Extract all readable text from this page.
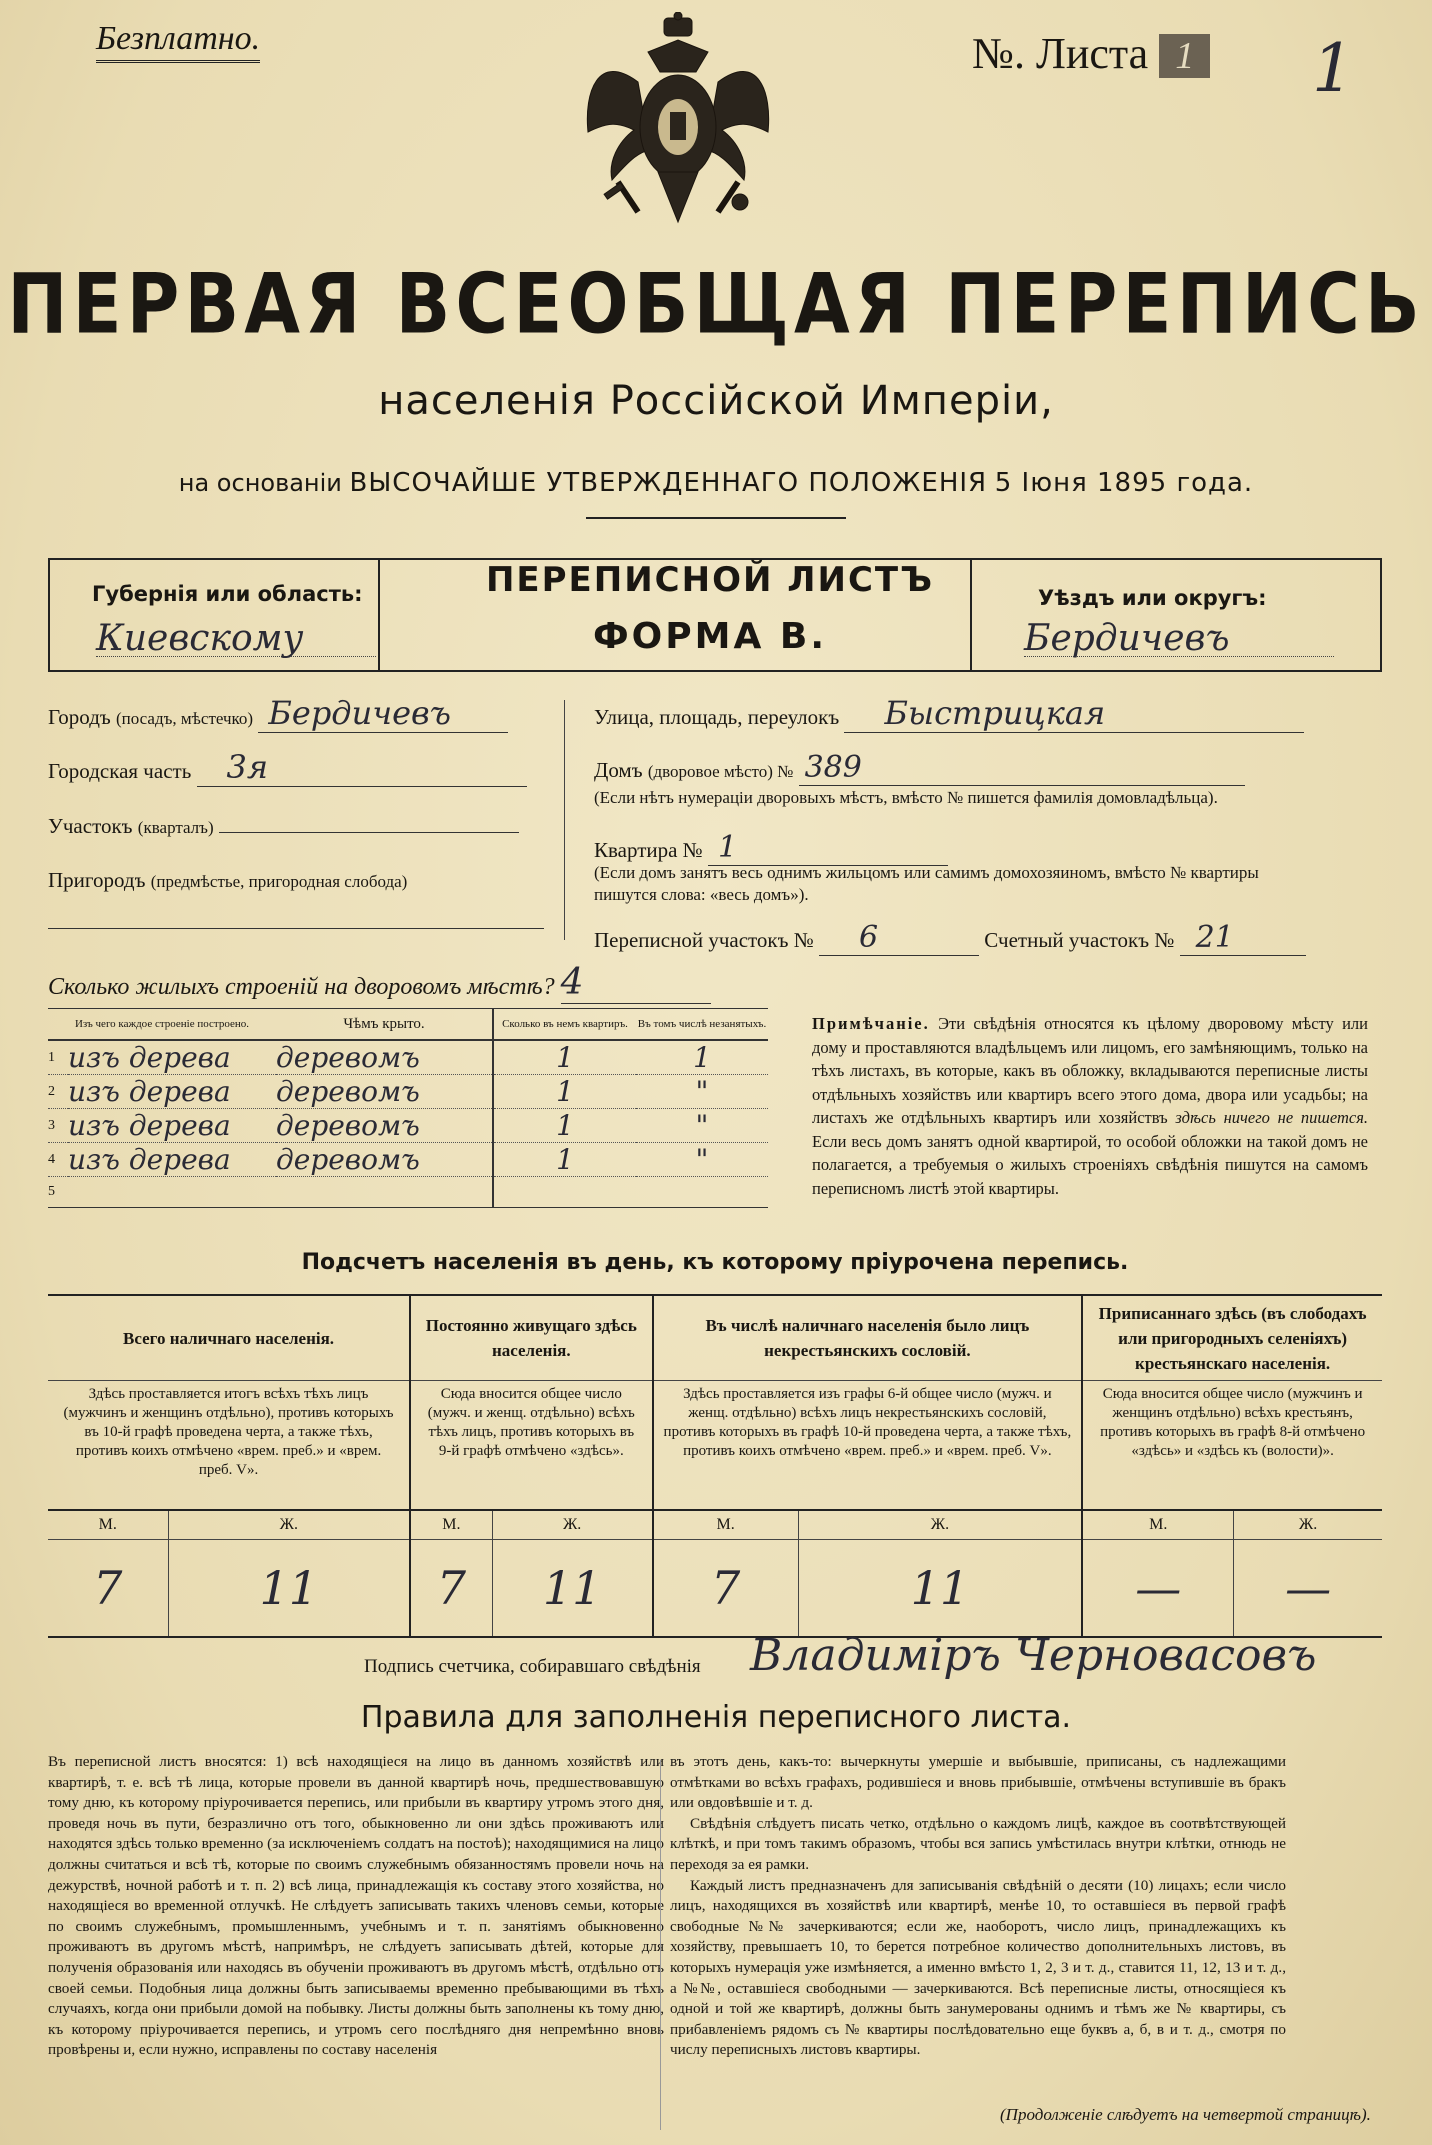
Безплатно.	№. Листа 1 1
ПЕРВАЯ ВСЕОБЩАЯ ПЕРЕПИСЬ
населенія Россійской Имперіи,
на основаніи ВЫСОЧАЙШЕ УТВЕРЖДЕННАГО ПОЛОЖЕНІЯ 5 Іюня 1895 года.
Губернія или область:
Киевскому
ПЕРЕПИСНОЙ ЛИСТЪ
ФОРМА В.
Уѣздъ или округъ:
Бердичевъ
Городъ (посадъ, мѣстечко) Бердичевъ
Городская часть 3я
Участокъ (кварталъ)
Пригородъ (предмѣстье, пригородная слобода)
Улица, площадь, переулокъ Быстрицкая
Домъ (дворовое мѣсто) № 389
(Если нѣтъ нумераціи дворовыхъ мѣстъ, вмѣсто № пишется фамилія домовладѣльца).
Квартира № 1
(Если домъ занятъ весь однимъ жильцомъ или самимъ домохозяиномъ, вмѣсто № квартиры пишутся слова: «весь домъ»).
Переписной участокъ № 6	Счетный участокъ № 21
Сколько жилыхъ строеній на дворовомъ мѣстѣ? 4
Изъ чего каждое строеніе построено.		Чѣмъ крыто.	Сколько въ немъ квартиръ.	Въ томъ числѣ незанятыхъ.
1	изъ дерева	деревомъ	1	1
2	изъ дерева	деревомъ	1	"
3	изъ дерева	деревомъ	1	"
4	изъ дерева	деревомъ	1	"
5				
Примѣчаніе. Эти свѣдѣнія относятся къ цѣлому дворовому мѣсту или дому и проставляются владѣльцемъ или лицомъ, его замѣняющимъ, только на тѣхъ листахъ, въ которые, какъ въ обложку, вкладываются переписные листы отдѣльныхъ хозяйствъ или квартиръ всего этого дома, двора или усадьбы; на листахъ же отдѣльныхъ квартиръ или хозяйствъ здѣсь ничего не пишется. Если весь домъ занятъ одной квартирой, то особой обложки на такой домъ не полагается, а требуемыя о жилыхъ строеніяхъ свѣдѣнія пишутся на самомъ переписномъ листѣ этой квартиры.
Подсчетъ населенія въ день, къ которому пріурочена перепись.
Всего наличнаго населенія.		Постоянно живущаго здѣсь населенія.		Въ числѣ наличнаго населенія было лицъ некрестьянскихъ сословій.		Приписаннаго здѣсь (въ слободахъ или пригородныхъ селеніяхъ) крестьянскаго населенія.	
Здѣсь проставляется итогъ всѣхъ тѣхъ лицъ (мужчинъ и женщинъ отдѣльно), противъ которыхъ въ 10-й графѣ проведена черта, а также тѣхъ, противъ коихъ отмѣчено «врем. преб.» и «врем. преб. V».		Сюда вносится общее число (мужч. и женщ. отдѣльно) всѣхъ тѣхъ лицъ, противъ которыхъ въ 9-й графѣ отмѣчено «здѣсь».		Здѣсь проставляется изъ графы 6-й общее число (мужч. и женщ. отдѣльно) всѣхъ лицъ некрестьянскихъ сословій, противъ которыхъ въ графѣ 10-й проведена черта, а также тѣхъ, противъ коихъ отмѣчено «врем. преб.» и «врем. преб. V».		Сюда вносится общее число (мужчинъ и женщинъ отдѣльно) всѣхъ крестьянъ, противъ которыхъ въ графѣ 8-й отмѣчено «здѣсь» и «здѣсь къ (волости)».	
М.	Ж.	М.	Ж.	М.	Ж.	М.	Ж.
7	11	7	11	7	11	—	—
Подпись счетчика, собиравшаго свѣдѣнія Владиміръ Черновасовъ
Правила для заполненія переписного листа.
Въ переписной листъ вносятся: 1) всѣ находящіеся на лицо въ данномъ хозяйствѣ или квартирѣ, т. е. всѣ тѣ лица, которые провели въ данной квартирѣ ночь, предшествовавшую тому дню, къ которому пріурочивается перепись, или прибыли въ квартиру утромъ этого дня, проведя ночь въ пути, безразлично отъ того, обыкновенно ли они здѣсь проживаютъ или находятся здѣсь только временно (за исключеніемъ солдатъ на постоѣ); находящимися на лицо должны считаться и всѣ тѣ, которые по своимъ служебнымъ обязанностямъ провели ночь на дежурствѣ, ночной работѣ и т. п. 2) всѣ лица, принадлежащія къ составу этого хозяйства, но находящіеся во временной отлучкѣ. Не слѣдуетъ записывать такихъ членовъ семьи, которые по своимъ служебнымъ, промышленнымъ, учебнымъ и т. п. занятіямъ обыкновенно проживаютъ въ другомъ мѣстѣ, напримѣръ, не слѣдуетъ записывать дѣтей, которые для полученія образованія или находясь въ обученіи проживаютъ въ другомъ мѣстѣ, отдѣльно отъ своей семьи. Подобныя лица должны быть записываемы временно пребывающими въ тѣхъ случаяхъ, когда они прибыли домой на побывку. Листы должны быть заполнены къ тому дню, къ которому пріурочивается перепись, и утромъ сего послѣдняго дня непремѣнно вновь провѣрены и, если нужно, исправлены по составу населенія

въ этотъ день, какъ-то: вычеркнуты умершіе и выбывшіе, приписаны, съ надлежащими отмѣтками во всѣхъ графахъ, родившіеся и вновь прибывшіе, отмѣчены вступившіе въ бракъ или овдовѣвшіе и т. д.

Свѣдѣнія слѣдуетъ писать четко, отдѣльно о каждомъ лицѣ, каждое въ соотвѣтствующей клѣткѣ, и при томъ такимъ образомъ, чтобы вся запись умѣстилась внутри клѣтки, отнюдь не переходя за ея рамки.

Каждый листъ предназначенъ для записыванія свѣдѣній о десяти (10) лицахъ; если число лицъ, находящихся въ хозяйствѣ или квартирѣ, менѣе 10, то оставшіеся въ первой графѣ свободные №№ зачеркиваются; если же, наоборотъ, число лицъ, принадлежащихъ къ хозяйству, превышаетъ 10, то берется потребное количество дополнительныхъ листовъ, въ которыхъ нумерація уже измѣняется, а именно вмѣсто 1, 2, 3 и т. д., ставится 11, 12, 13 и т. д., а №№, оставшіеся свободными — зачеркиваются. Всѣ переписные листы, относящіеся къ одной и той же квартирѣ, должны быть занумерованы однимъ и тѣмъ же № квартиры, съ прибавленіемъ рядомъ съ № квартиры послѣдовательно еще буквъ а, б, в и т. д., смотря по числу переписныхъ листовъ квартиры.

(Продолженіе слѣдуетъ на четвертой страницѣ).
